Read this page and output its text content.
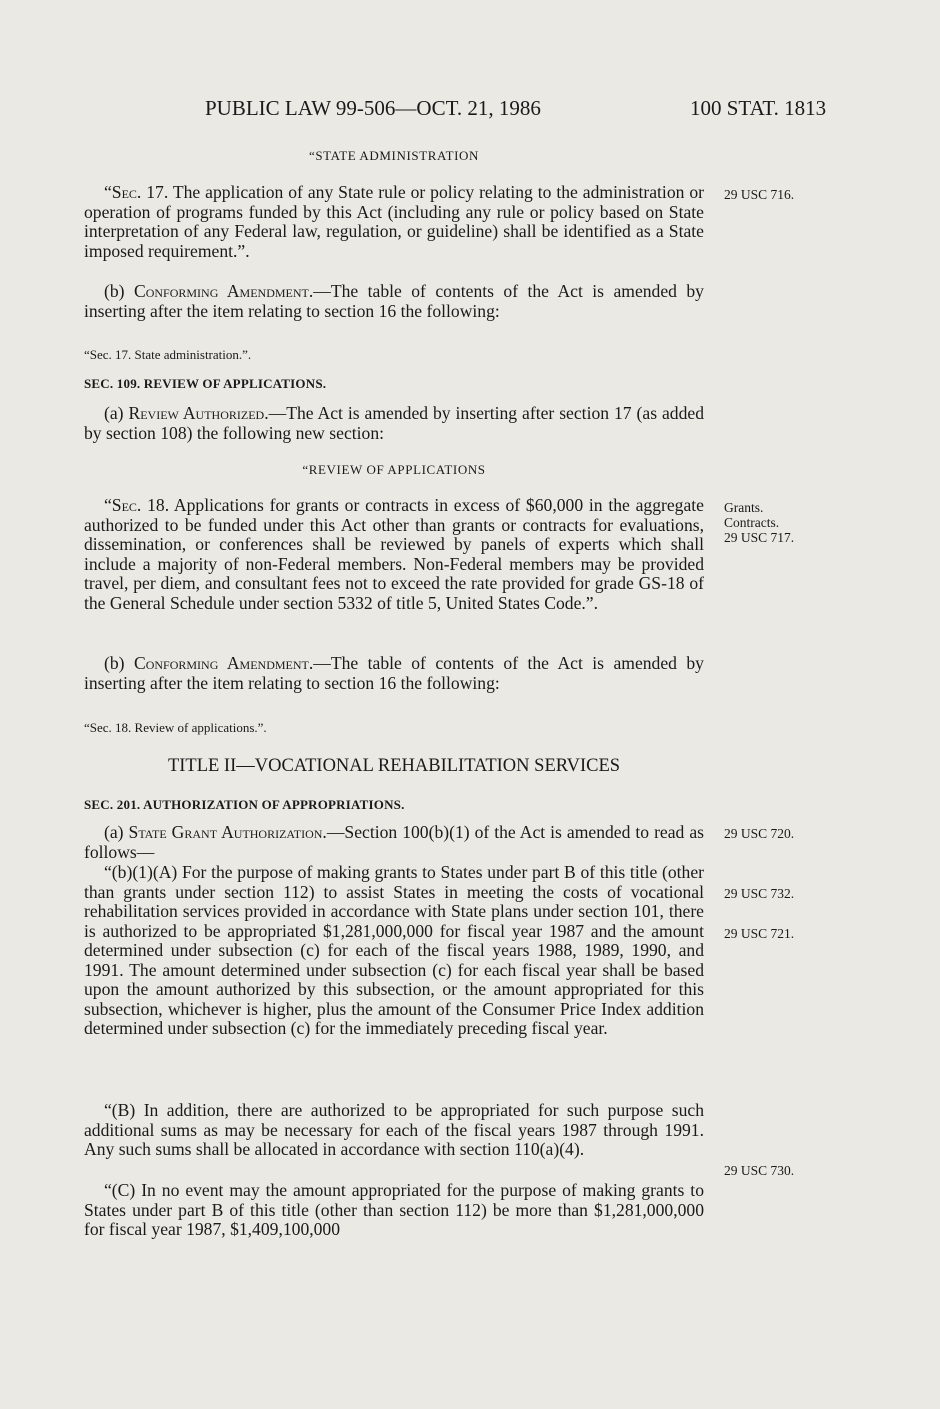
PUBLIC LAW 99-506—OCT. 21, 1986	100 STAT. 1813

“STATE ADMINISTRATION

“Sec. 17. The application of any State rule or policy relating to the administration or operation of programs funded by this Act (including any rule or policy based on State interpretation of any Federal law, regulation, or guideline) shall be identified as a State imposed requirement.”.

(b) Conforming Amendment.—The table of contents of the Act is amended by inserting after the item relating to section 16 the following:

“Sec. 17. State administration.”.

SEC. 109. REVIEW OF APPLICATIONS.

(a) Review Authorized.—The Act is amended by inserting after section 17 (as added by section 108) the following new section:

“REVIEW OF APPLICATIONS

“Sec. 18. Applications for grants or contracts in excess of $60,000 in the aggregate authorized to be funded under this Act other than grants or contracts for evaluations, dissemination, or conferences shall be reviewed by panels of experts which shall include a majority of non-Federal members. Non-Federal members may be provided travel, per diem, and consultant fees not to exceed the rate provided for grade GS-18 of the General Schedule under section 5332 of title 5, United States Code.”.

(b) Conforming Amendment.—The table of contents of the Act is amended by inserting after the item relating to section 16 the following:

“Sec. 18. Review of applications.”.

TITLE II—VOCATIONAL REHABILITATION SERVICES

SEC. 201. AUTHORIZATION OF APPROPRIATIONS.

(a) State Grant Authorization.—Section 100(b)(1) of the Act is amended to read as follows—

“(b)(1)(A) For the purpose of making grants to States under part B of this title (other than grants under section 112) to assist States in meeting the costs of vocational rehabilitation services provided in accordance with State plans under section 101, there is authorized to be appropriated $1,281,000,000 for fiscal year 1987 and the amount determined under subsection (c) for each of the fiscal years 1988, 1989, 1990, and 1991. The amount determined under subsection (c) for each fiscal year shall be based upon the amount authorized by this subsection, or the amount appropriated for this subsection, whichever is higher, plus the amount of the Consumer Price Index addition determined under subsection (c) for the immediately preceding fiscal year.

“(B) In addition, there are authorized to be appropriated for such purpose such additional sums as may be necessary for each of the fiscal years 1987 through 1991. Any such sums shall be allocated in accordance with section 110(a)(4).

“(C) In no event may the amount appropriated for the purpose of making grants to States under part B of this title (other than section 112) be more than $1,281,000,000 for fiscal year 1987, $1,409,100,000

29 USC 716.
Grants.
Contracts.
29 USC 717.
29 USC 720.
29 USC 732.
29 USC 721.
29 USC 730.
